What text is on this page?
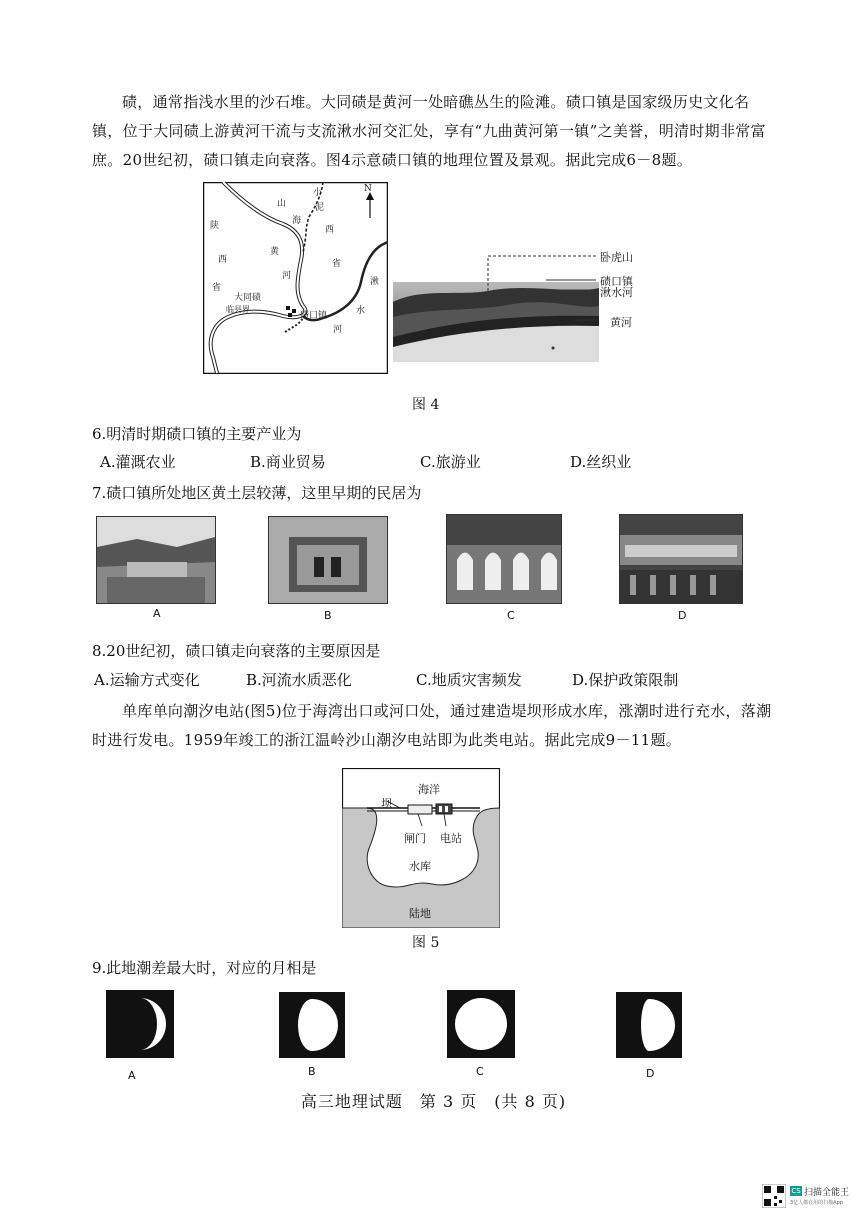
碛，通常指浅水里的沙石堆。大同碛是黄河一处暗礁丛生的险滩。碛口镇是国家级历史文化名镇，位于大同碛上游黄河干流与支流湫水河交汇处，享有“九曲黄河第一镇”之美誉，明清时期非常富庶。20世纪初，碛口镇走向衰落。图4示意碛口镇的地理位置及景观。据此完成6－8题。
N
陕
西
省
山
西
省
黄
河
小
泥
海
湫
水
河
大同碛
碛口镇
临县界
卧虎山
碛口镇
湫水河
黄河
图 4
6.明清时期碛口镇的主要产业为
A.灌溉农业	B.商业贸易	C.旅游业	D.丝织业
7.碛口镇所处地区黄土层较薄，这里早期的民居为
A	B	C	D
8.20世纪初，碛口镇走向衰落的主要原因是
A.运输方式变化	B.河流水质恶化	C.地质灾害频发	D.保护政策限制
单库单向潮汐电站(图5)位于海湾出口或河口处，通过建造堤坝形成水库，涨潮时进行充水，落潮时进行发电。1959年竣工的浙江温岭沙山潮汐电站即为此类电站。据此完成9－11题。
海洋
坝
闸门 电站
水库
陆地
图 5
9.此地潮差最大时，对应的月相是
A	B	C	D
高三地理试题　第 3 页　(共 8 页)
CS 扫描全能王
3亿人都在用的扫描App
